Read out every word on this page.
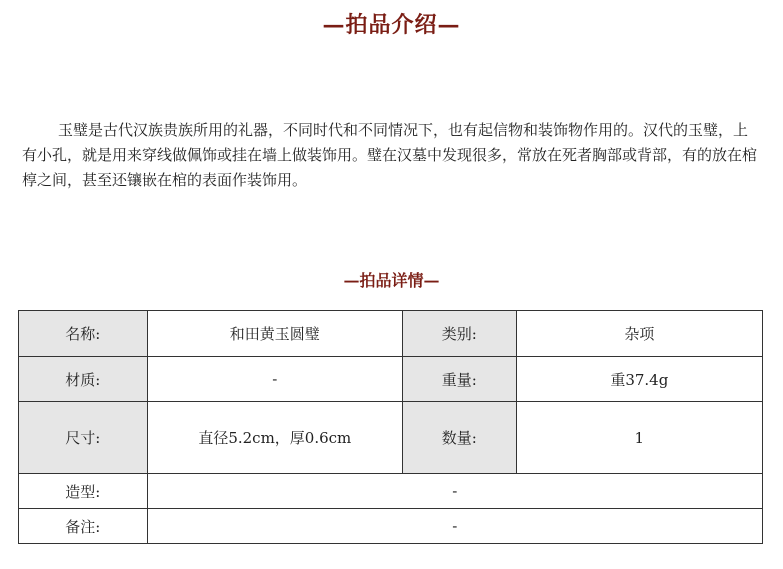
—拍品介绍—

玉璧是古代汉族贵族所用的礼器，不同时代和不同情况下，也有起信物和装饰物作用的。汉代的玉璧，上有小孔，就是用来穿线做佩饰或挂在墙上做装饰用。璧在汉墓中发现很多，常放在死者胸部或背部，有的放在棺椁之间，甚至还镶嵌在棺的表面作装饰用。

—拍品详情—
名称:	和田黄玉圆璧	类别:	杂项
材质:	-	重量:	重37.4g
尺寸:	直径5.2cm，厚0.6cm	数量:	1
造型:	-		
备注:	-		
